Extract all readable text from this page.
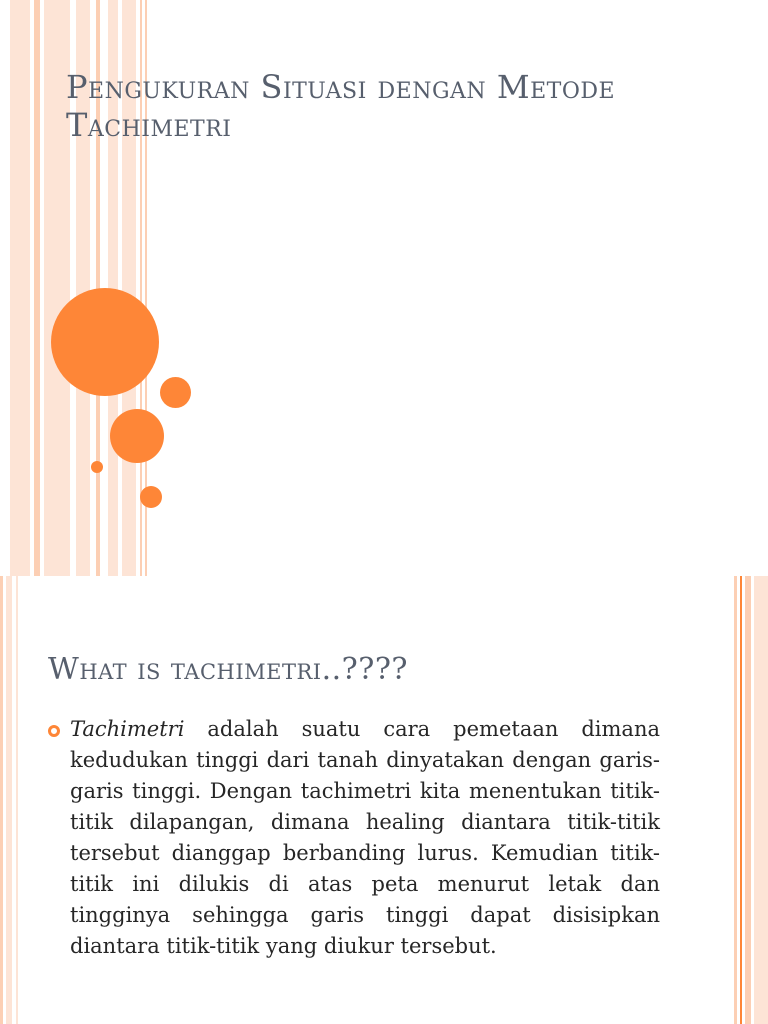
Pengukuran Situasi dengan Metode Tachimetri
What is tachimetri..????
Tachimetri adalah suatu cara pemetaan dimana kedudukan tinggi dari tanah dinyatakan dengan garis-garis tinggi. Dengan tachimetri kita menentukan titik-titik dilapangan, dimana healing diantara titik-titik tersebut dianggap berbanding lurus. Kemudian titik-titik ini dilukis di atas peta menurut letak dan tingginya sehingga garis tinggi dapat disisipkan diantara titik-titik yang diukur tersebut.
